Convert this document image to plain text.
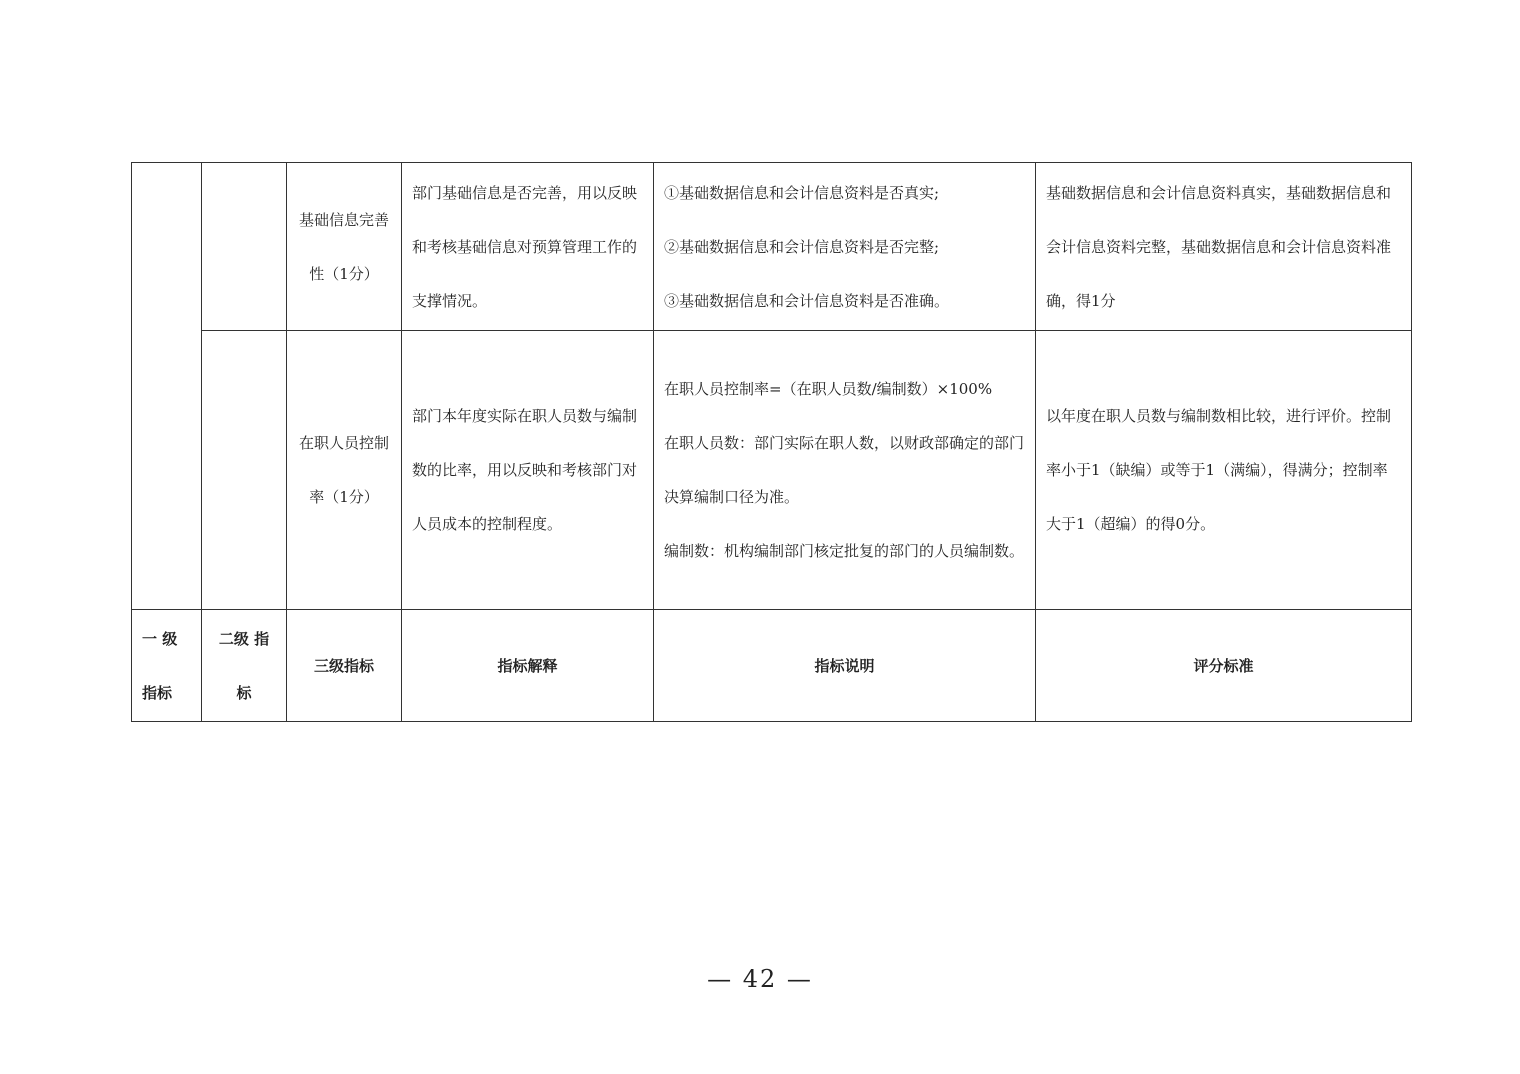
		基础信息完善性（1分）	部门基础信息是否完善，用以反映和考核基础信息对预算管理工作的支撑情况。	①基础数据信息和会计信息资料是否真实;
②基础数据信息和会计信息资料是否完整;
③基础数据信息和会计信息资料是否准确。	基础数据信息和会计信息资料真实，基础数据信息和会计信息资料完整，基础数据信息和会计信息资料准确，得1分
		在职人员控制率（1分）	部门本年度实际在职人员数与编制数的比率，用以反映和考核部门对人员成本的控制程度。	在职人员控制率=（在职人员数/编制数）×100%
在职人员数：部门实际在职人数，以财政部确定的部门决算编制口径为准。
编制数：机构编制部门核定批复的部门的人员编制数。	以年度在职人员数与编制数相比较，进行评价。控制率小于1（缺编）或等于1（满编），得满分；控制率大于1（超编）的得0分。
一 级 指标	二级 指标	三级指标	指标解释	指标说明	评分标准
— 42 —
